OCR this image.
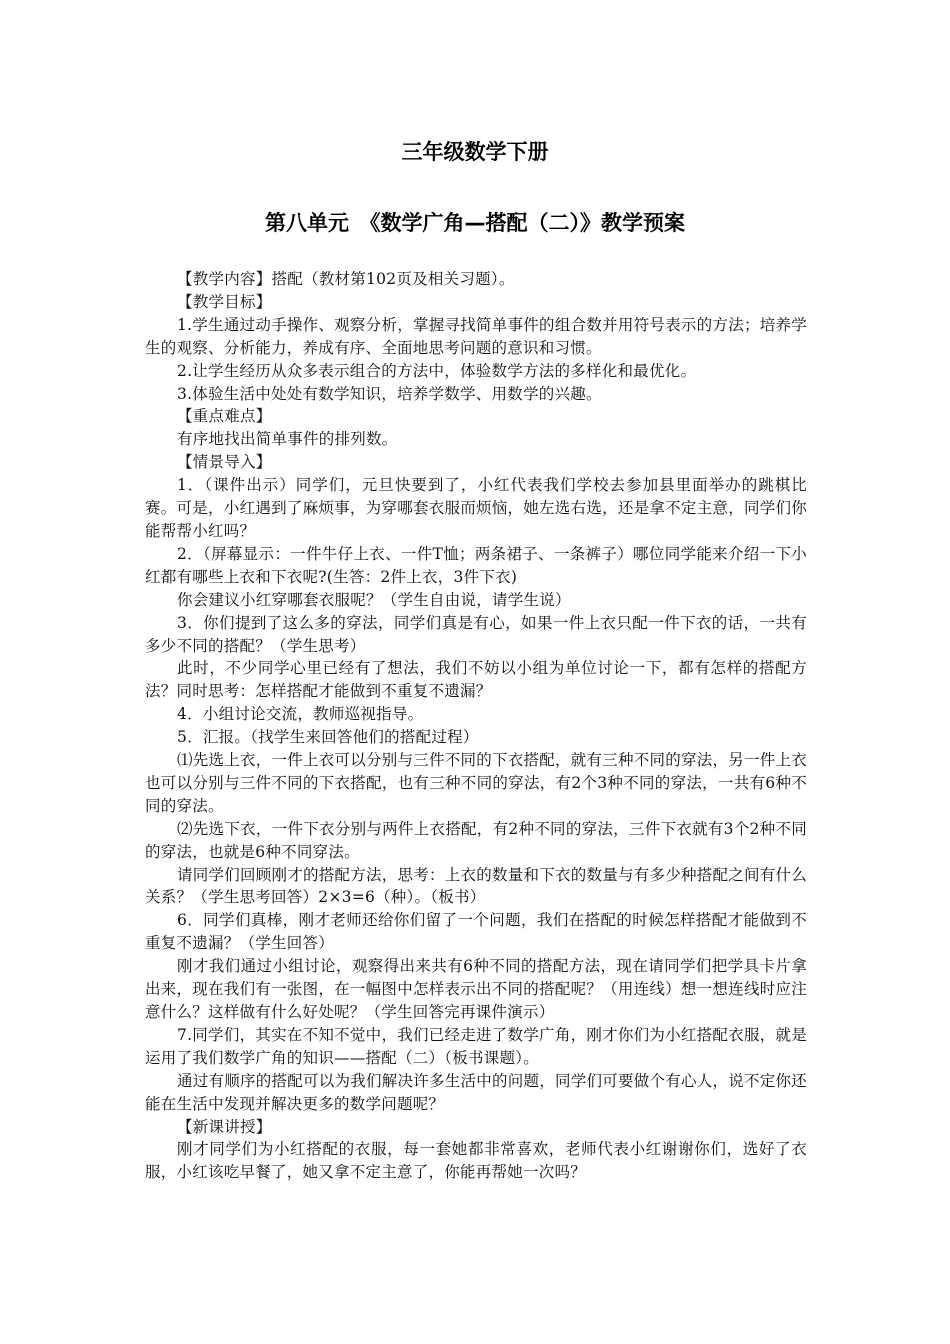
三年级数学下册
第八单元　《数学广角—搭配（二）》教学预案

【教学内容】搭配（教材第102页及相关习题）。

【教学目标】

1.学生通过动手操作、观察分析，掌握寻找简单事件的组合数并用符号表示的方法；培养学生的观察、分析能力，养成有序、全面地思考问题的意识和习惯。

2.让学生经历从众多表示组合的方法中，体验数学方法的多样化和最优化。

3.体验生活中处处有数学知识，培养学数学、用数学的兴趣。

【重点难点】

有序地找出简单事件的排列数。

【情景导入】

1．（课件出示）同学们，元旦快要到了，小红代表我们学校去参加县里面举办的跳棋比赛。可是，小红遇到了麻烦事，为穿哪套衣服而烦恼，她左选右选，还是拿不定主意，同学们你能帮帮小红吗？

2．（屏幕显示：一件牛仔上衣、一件T恤；两条裙子、一条裤子）哪位同学能来介绍一下小红都有哪些上衣和下衣呢?(生答：2件上衣，3件下衣)

你会建议小红穿哪套衣服呢？（学生自由说，请学生说）

3．你们提到了这么多的穿法，同学们真是有心，如果一件上衣只配一件下衣的话，一共有多少不同的搭配？（学生思考）

此时，不少同学心里已经有了想法，我们不妨以小组为单位讨论一下，都有怎样的搭配方法？同时思考：怎样搭配才能做到不重复不遗漏？

4．小组讨论交流，教师巡视指导。

5．汇报。（找学生来回答他们的搭配过程）

⑴先选上衣，一件上衣可以分别与三件不同的下衣搭配，就有三种不同的穿法，另一件上衣也可以分别与三件不同的下衣搭配，也有三种不同的穿法，有2个3种不同的穿法，一共有6种不同的穿法。

⑵先选下衣，一件下衣分别与两件上衣搭配，有2种不同的穿法，三件下衣就有3个2种不同的穿法，也就是6种不同穿法。

请同学们回顾刚才的搭配方法，思考：上衣的数量和下衣的数量与有多少种搭配之间有什么关系？（学生思考回答）2×3=6（种）。（板书）

6．同学们真棒，刚才老师还给你们留了一个问题，我们在搭配的时候怎样搭配才能做到不重复不遗漏？（学生回答）

刚才我们通过小组讨论，观察得出来共有6种不同的搭配方法，现在请同学们把学具卡片拿出来，现在我们有一张图，在一幅图中怎样表示出不同的搭配呢？（用连线）想一想连线时应注意什么？这样做有什么好处呢？（学生回答完再课件演示）

7.同学们，其实在不知不觉中，我们已经走进了数学广角，刚才你们为小红搭配衣服，就是运用了我们数学广角的知识——搭配（二）（板书课题）。

通过有顺序的搭配可以为我们解决许多生活中的问题，同学们可要做个有心人，说不定你还能在生活中发现并解决更多的数学问题呢？

【新课讲授】

刚才同学们为小红搭配的衣服，每一套她都非常喜欢，老师代表小红谢谢你们，选好了衣服，小红该吃早餐了，她又拿不定主意了，你能再帮她一次吗？
